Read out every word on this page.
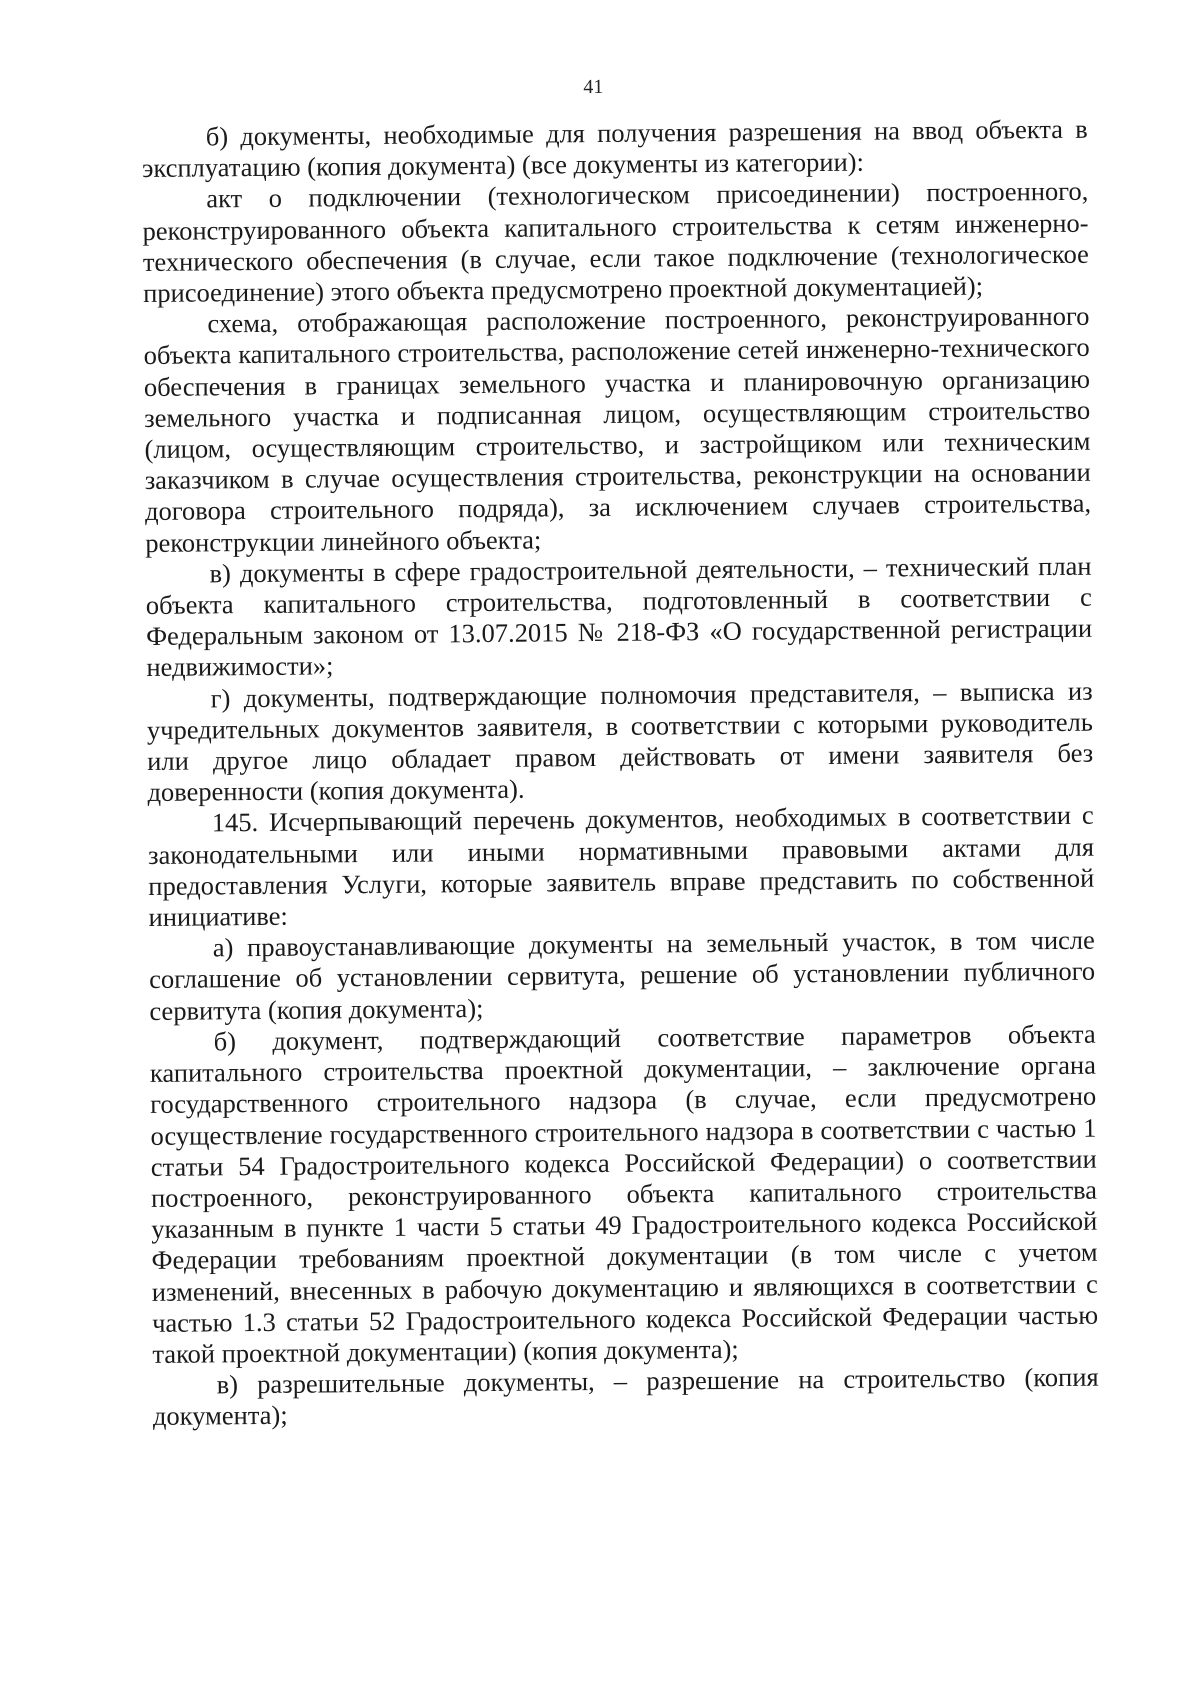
41

б) документы, необходимые для получения разрешения на ввод объекта в эксплуатацию (копия документа) (все документы из категории):

акт о подключении (технологическом присоединении) построенного, реконструированного объекта капитального строительства к сетям инженерно-технического обеспечения (в случае, если такое подключение (технологическое присоединение) этого объекта предусмотрено проектной документацией);

схема, отображающая расположение построенного, реконструированного объекта капитального строительства, расположение сетей инженерно-технического обеспечения в границах земельного участка и планировочную организацию земельного участка и подписанная лицом, осуществляющим строительство (лицом, осуществляющим строительство, и застройщиком или техническим заказчиком в случае осуществления строительства, реконструкции на основании договора строительного подряда), за исключением случаев строительства, реконструкции линейного объекта;

в) документы в сфере градостроительной деятельности, – технический план объекта капитального строительства, подготовленный в соответствии с Федеральным законом от 13.07.2015 № 218-ФЗ «О государственной регистрации недвижимости»;

г) документы, подтверждающие полномочия представителя, – выписка из учредительных документов заявителя, в соответствии с которыми руководитель или другое лицо обладает правом действовать от имени заявителя без доверенности (копия документа).

145. Исчерпывающий перечень документов, необходимых в соответствии с законодательными или иными нормативными правовыми актами для предоставления Услуги, которые заявитель вправе представить по собственной инициативе:

а) правоустанавливающие документы на земельный участок, в том числе соглашение об установлении сервитута, решение об установлении публичного сервитута (копия документа);

б) документ, подтверждающий соответствие параметров объекта капитального строительства проектной документации, – заключение органа государственного строительного надзора (в случае, если предусмотрено осуществление государственного строительного надзора в соответствии с частью 1 статьи 54 Градостроительного кодекса Российской Федерации) о соответствии построенного, реконструированного объекта капитального строительства указанным в пункте 1 части 5 статьи 49 Градостроительного кодекса Российской Федерации требованиям проектной документации (в том числе с учетом изменений, внесенных в рабочую документацию и являющихся в соответствии с частью 1.3 статьи 52 Градостроительного кодекса Российской Федерации частью такой проектной документации) (копия документа);

в) разрешительные документы, – разрешение на строительство (копия документа);
